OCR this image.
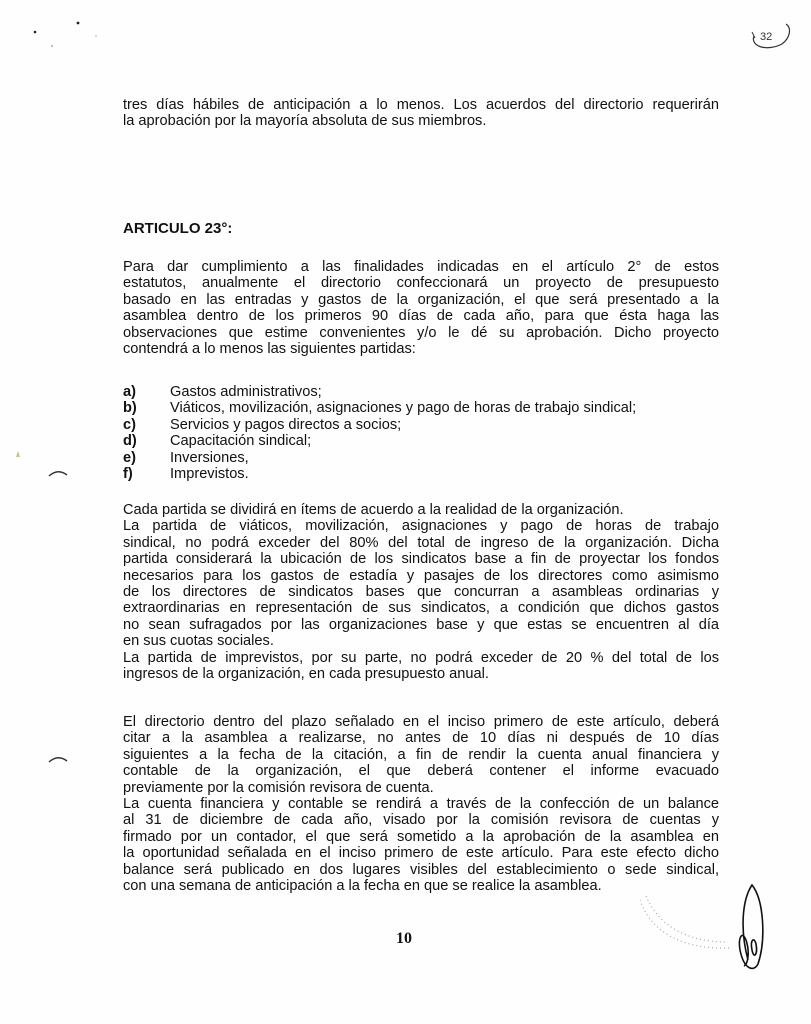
32
tres días hábiles de anticipación a lo menos. Los acuerdos del directorio requerirán
la aprobación por la mayoría absoluta de sus miembros.
ARTICULO 23°:
Para dar cumplimiento a las finalidades indicadas en el artículo 2° de estos
estatutos, anualmente el directorio confeccionará un proyecto de presupuesto
basado en las entradas y gastos de la organización, el que será presentado a la
asamblea dentro de los primeros 90 días de cada año, para que ésta haga las
observaciones que estime convenientes y/o le dé su aprobación. Dicho proyecto
contendrá a lo menos las siguientes partidas:
a)	Gastos administrativos;
b)	Viáticos, movilización, asignaciones y pago de horas de trabajo sindical;
c)	Servicios y pagos directos a socios;
d)	Capacitación sindical;
e)	Inversiones,
f)	Imprevistos.
Cada partida se dividirá en ítems de acuerdo a la realidad de la organización.
La partida de viáticos, movilización, asignaciones y pago de horas de trabajo
sindical, no podrá exceder del 80% del total de ingreso de la organización. Dicha
partida considerará la ubicación de los sindicatos base a fin de proyectar los fondos
necesarios para los gastos de estadía y pasajes de los directores como asimismo
de los directores de sindicatos bases que concurran a asambleas ordinarias y
extraordinarias en representación de sus sindicatos, a condición que dichos gastos
no sean sufragados por las organizaciones base y que estas se encuentren al día
en sus cuotas sociales.
La partida de imprevistos, por su parte, no podrá exceder de 20 % del total de los
ingresos de la organización, en cada presupuesto anual.
El directorio dentro del plazo señalado en el inciso primero de este artículo, deberá
citar a la asamblea a realizarse, no antes de 10 días ni después de 10 días
siguientes a la fecha de la citación, a fin de rendir la cuenta anual financiera y
contable de la organización, el que deberá contener el informe evacuado
previamente por la comisión revisora de cuenta.
La cuenta financiera y contable se rendirá a través de la confección de un balance
al 31 de diciembre de cada año, visado por la comisión revisora de cuentas y
firmado por un contador, el que será sometido a la aprobación de la asamblea en
la oportunidad señalada en el inciso primero de este artículo. Para este efecto dicho
balance será publicado en dos lugares visibles del establecimiento o sede sindical,
con una semana de anticipación a la fecha en que se realice la asamblea.
10
